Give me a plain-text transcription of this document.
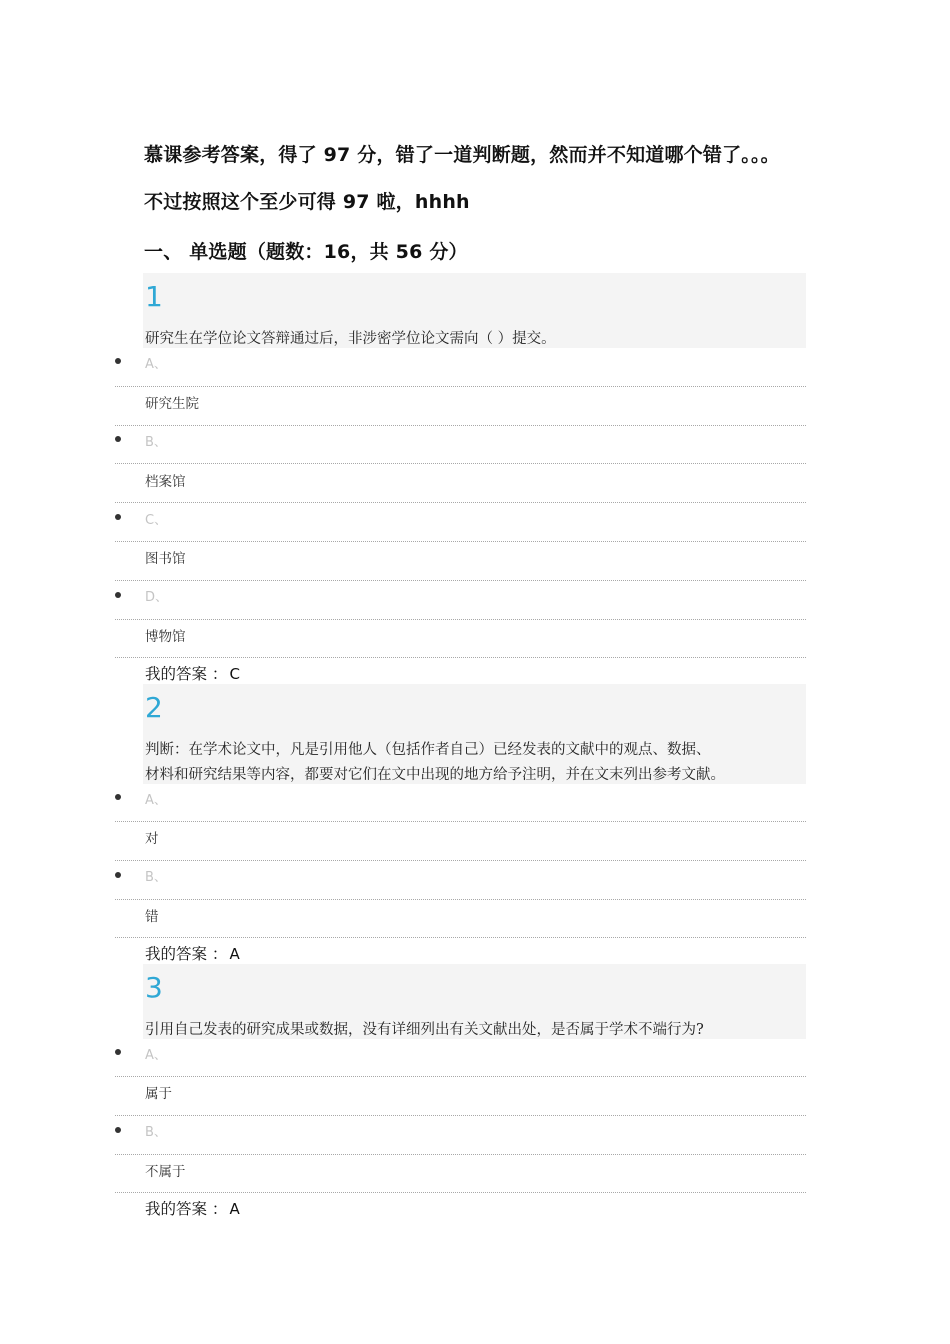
慕课参考答案，得了 97 分，错了一道判断题，然而并不知道哪个错了。。。

不过按照这个至少可得 97 啦，hhhh

一、 单选题（题数：16，共 56 分）

1
研究生在学位论文答辩通过后，非涉密学位论文需向（ ）提交。
A、
研究生院
B、
档案馆
C、
图书馆
D、
博物馆
我的答案 ： C
2
判断：在学术论文中，凡是引用他人（包括作者自己）已经发表的文献中的观点、数据、
材料和研究结果等内容，都要对它们在文中出现的地方给予注明，并在文末列出参考文献。
A、
对
B、
错
我的答案 ： A
3
引用自己发表的研究成果或数据，没有详细列出有关文献出处，是否属于学术不端行为?
A、
属于
B、
不属于
我的答案 ： A
